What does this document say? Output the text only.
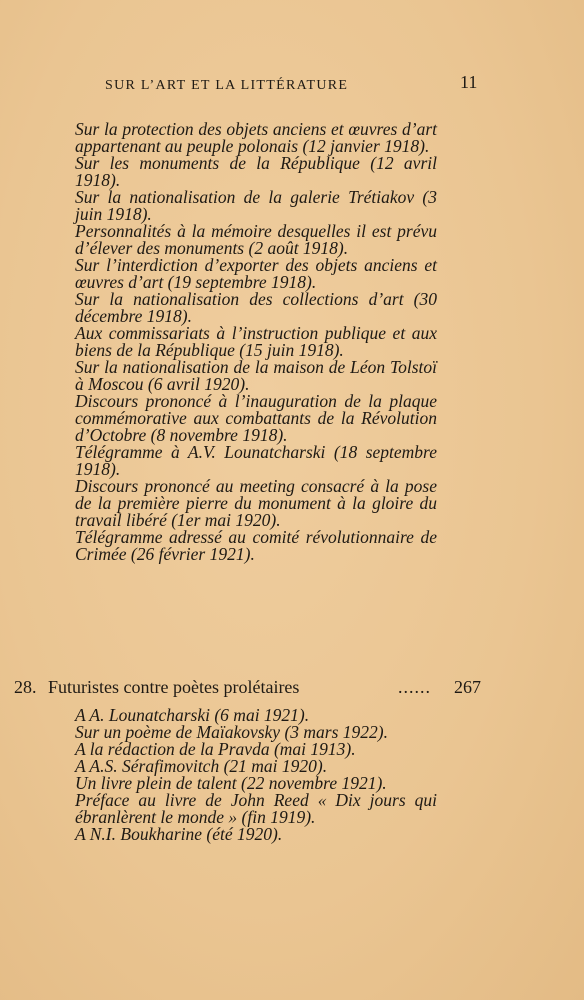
SUR L’ART ET LA LITTÉRATURE	11
Sur la protection des objets anciens et œuvres d’art appartenant au peuple polonais (12 janvier 1918).
Sur les monuments de la République (12 avril 1918).
Sur la nationalisation de la galerie Trétiakov (3 juin 1918).
Personnalités à la mémoire desquelles il est prévu d’élever des monuments (2 août 1918).
Sur l’interdiction d’exporter des objets anciens et œuvres d’art (19 septembre 1918).
Sur la nationalisation des collections d’art (30 décembre 1918).
Aux commissariats à l’instruction publique et aux biens de la République (15 juin 1918).
Sur la nationalisation de la maison de Léon Tolstoï à Moscou (6 avril 1920).
Discours prononcé à l’inauguration de la plaque commémorative aux combattants de la Révolution d’Octobre (8 novembre 1918).
Télégramme à A.V. Lounatcharski (18 septembre 1918).
Discours prononcé au meeting consacré à la pose de la première pierre du monument à la gloire du travail libéré (1er mai 1920).
Télégramme adressé au comité révolutionnaire de Crimée (26 février 1921).
28. Futuristes contre poètes prolétaires	...... 267
A A. Lounatcharski (6 mai 1921).
Sur un poème de Maïakovsky (3 mars 1922).
A la rédaction de la Pravda (mai 1913).
A A.S. Sérafimovitch (21 mai 1920).
Un livre plein de talent (22 novembre 1921).
Préface au livre de John Reed « Dix jours qui ébranlèrent le monde » (fin 1919).
A N.I. Boukharine (été 1920).
